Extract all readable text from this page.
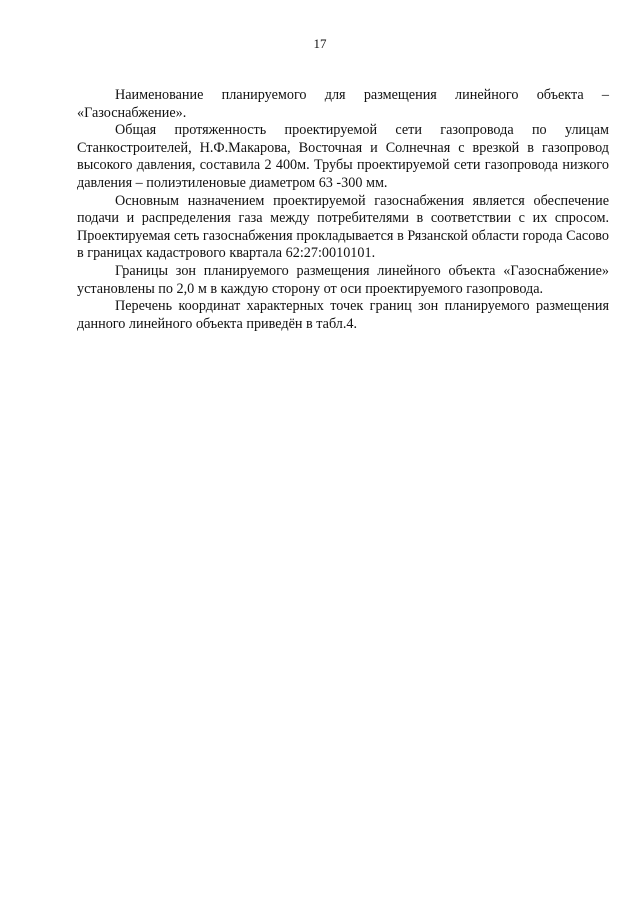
17

Наименование планируемого для размещения линейного объекта – «Газоснабжение».

Общая протяженность проектируемой сети газопровода по улицам Станкостроителей, Н.Ф.Макарова, Восточная и Солнечная с врезкой в газопровод высокого давления, составила 2 400м. Трубы проектируемой сети газопровода низкого давления – полиэтиленовые диаметром 63 -300 мм.

Основным назначением проектируемой газоснабжения является обеспечение подачи и распределения газа между потребителями в соответствии с их спросом. Проектируемая сеть газоснабжения прокладывается в Рязанской области города Сасово в границах кадастрового квартала 62:27:0010101.

Границы зон планируемого размещения линейного объекта «Газоснабжение» установлены по 2,0 м в каждую сторону от оси проектируемого газопровода.

Перечень координат характерных точек границ зон планируемого размещения данного линейного объекта приведён в табл.4.
